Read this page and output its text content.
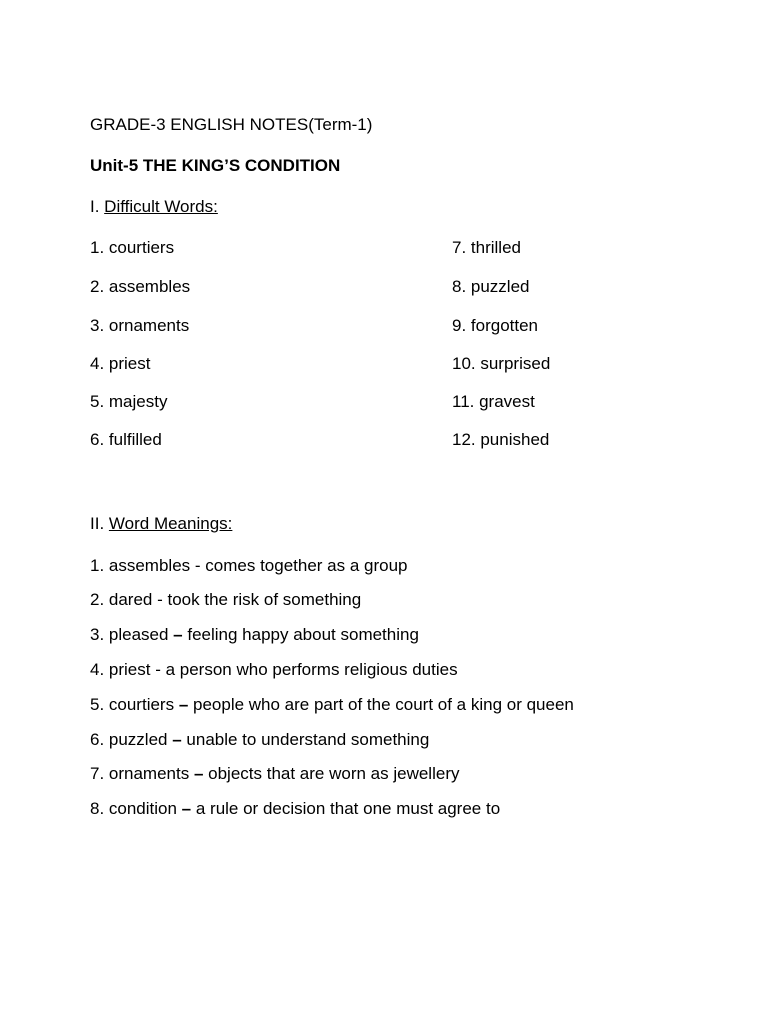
GRADE-3 ENGLISH NOTES(Term-1)
Unit-5 THE KING’S CONDITION
I. Difficult Words:
1. courtiers
2. assembles
3. ornaments
4. priest
5. majesty
6. fulfilled
7. thrilled
8. puzzled
9. forgotten
10. surprised
11. gravest
12. punished
II. Word Meanings:
1. assembles - comes together as a group
2. dared - took the risk of something
3. pleased – feeling happy about something
4. priest - a person who performs religious duties
5. courtiers – people who are part of the court of a king or queen
6. puzzled – unable to understand something
7. ornaments – objects that are worn as jewellery
8. condition – a rule or decision that one must agree to
